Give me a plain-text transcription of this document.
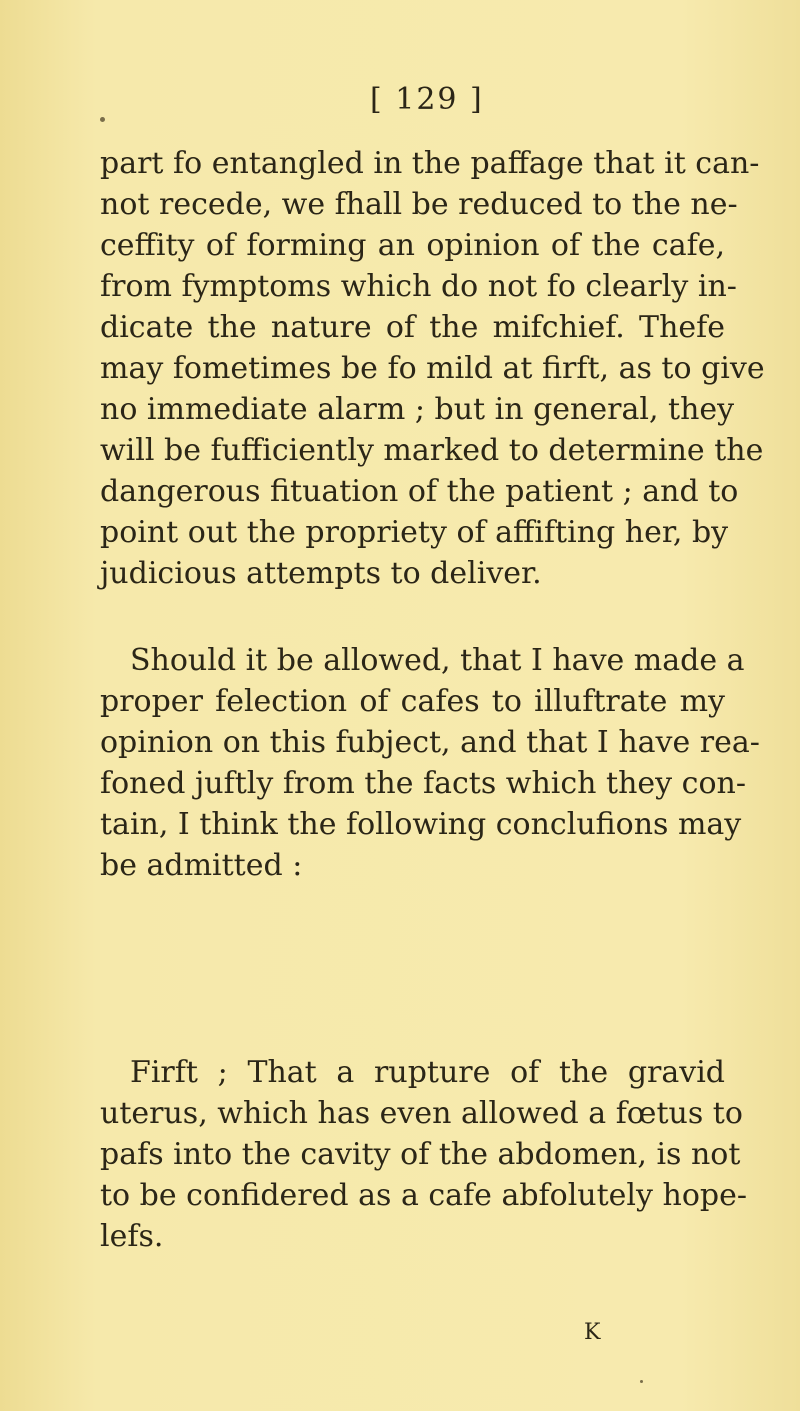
[ 129 ]
part fo entangled in the paffage that it can-
not recede, we fhall be reduced to the ne-
ceffity of forming an opinion of the cafe,
from fymptoms which do not fo clearly in-
dicate the nature of the mifchief. Thefe
may fometimes be fo mild at firft, as to give
no immediate alarm ; but in general, they
will be fufficiently marked to determine the
dangerous fituation of the patient ; and to
point out the propriety of affifting her, by
judicious attempts to deliver.
Should it be allowed, that I have made a
proper felection of cafes to illuftrate my
opinion on this fubject, and that I have rea-
foned juftly from the facts which they con-
tain, I think the following conclufions may
be admitted :
Firft ; That a rupture of the gravid
uterus, which has even allowed a fœtus to
pafs into the cavity of the abdomen, is not
to be confidered as a cafe abfolutely hope-
lefs.
K
